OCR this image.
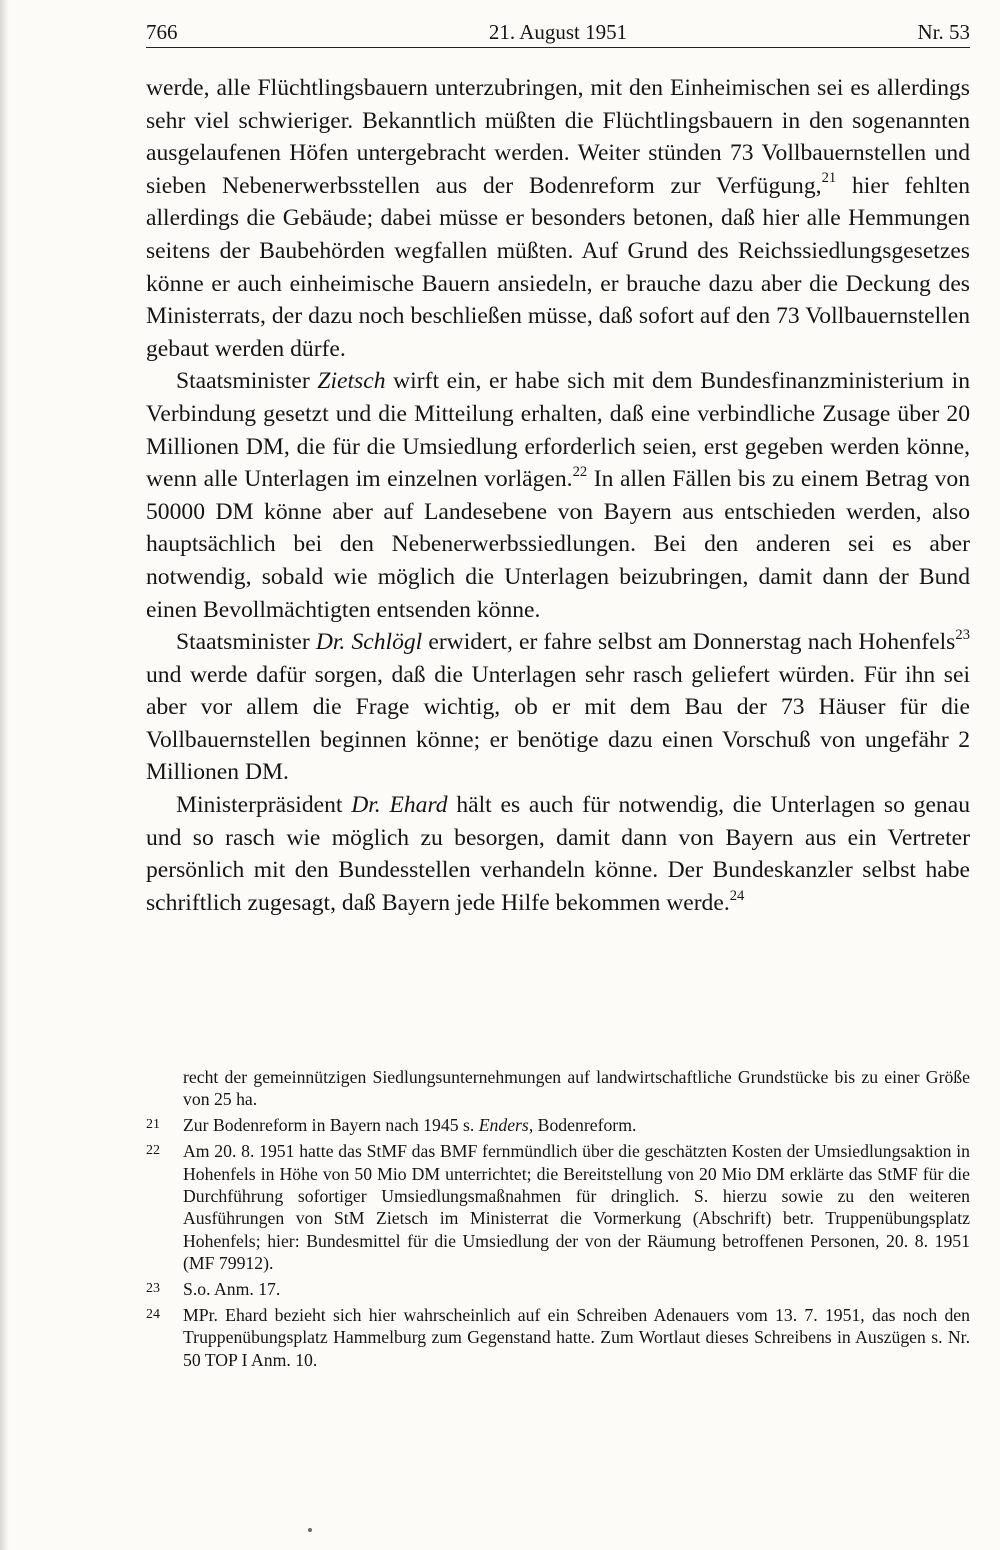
766	21. August 1951	Nr. 53

werde, alle Flüchtlingsbauern unterzubringen, mit den Einheimischen sei es allerdings sehr viel schwieriger. Bekanntlich müßten die Flüchtlingsbauern in den sogenannten ausgelaufenen Höfen untergebracht werden. Weiter stünden 73 Vollbauernstellen und sieben Nebenerwerbsstellen aus der Bodenreform zur Verfügung,$^{21}$ hier fehlten allerdings die Gebäude; dabei müsse er besonders betonen, daß hier alle Hemmungen seitens der Baubehörden wegfallen müßten. Auf Grund des Reichssiedlungsgesetzes könne er auch einheimische Bauern ansiedeln, er brauche dazu aber die Deckung des Ministerrats, der dazu noch beschließen müsse, daß sofort auf den 73 Vollbauernstellen gebaut werden dürfe.

Staatsminister Zietsch wirft ein, er habe sich mit dem Bundesfinanzministerium in Verbindung gesetzt und die Mitteilung erhalten, daß eine verbindliche Zusage über 20 Millionen DM, die für die Umsiedlung erforderlich seien, erst gegeben werden könne, wenn alle Unterlagen im einzelnen vorlägen.$^{22}$ In allen Fällen bis zu einem Betrag von 50000 DM könne aber auf Landesebene von Bayern aus entschieden werden, also hauptsächlich bei den Nebenerwerbssiedlungen. Bei den anderen sei es aber notwendig, sobald wie möglich die Unterlagen beizubringen, damit dann der Bund einen Bevollmächtigten entsenden könne.

Staatsminister Dr. Schlögl erwidert, er fahre selbst am Donnerstag nach Hohenfels$^{23}$ und werde dafür sorgen, daß die Unterlagen sehr rasch geliefert würden. Für ihn sei aber vor allem die Frage wichtig, ob er mit dem Bau der 73 Häuser für die Vollbauernstellen beginnen könne; er benötige dazu einen Vorschuß von ungefähr 2 Millionen DM.

Ministerpräsident Dr. Ehard hält es auch für notwendig, die Unterlagen so genau und so rasch wie möglich zu besorgen, damit dann von Bayern aus ein Vertreter persönlich mit den Bundesstellen verhandeln könne. Der Bundeskanzler selbst habe schriftlich zugesagt, daß Bayern jede Hilfe bekommen werde.$^{24}$

recht der gemeinnützigen Siedlungsunternehmungen auf landwirtschaftliche Grundstücke bis zu einer Größe von 25 ha.
21 Zur Bodenreform in Bayern nach 1945 s. Enders, Bodenreform.
22 Am 20. 8. 1951 hatte das StMF das BMF fernmündlich über die geschätzten Kosten der Umsiedlungsaktion in Hohenfels in Höhe von 50 Mio DM unterrichtet; die Bereitstellung von 20 Mio DM erklärte das StMF für die Durchführung sofortiger Umsiedlungsmaßnahmen für dringlich. S. hierzu sowie zu den weiteren Ausführungen von StM Zietsch im Ministerrat die Vormerkung (Abschrift) betr. Truppenübungsplatz Hohenfels; hier: Bundesmittel für die Umsiedlung der von der Räumung betroffenen Personen, 20. 8. 1951 (MF 79912).
23 S.o. Anm. 17.
24 MPr. Ehard bezieht sich hier wahrscheinlich auf ein Schreiben Adenauers vom 13. 7. 1951, das noch den Truppenübungsplatz Hammelburg zum Gegenstand hatte. Zum Wortlaut dieses Schreibens in Auszügen s. Nr. 50 TOP I Anm. 10.
